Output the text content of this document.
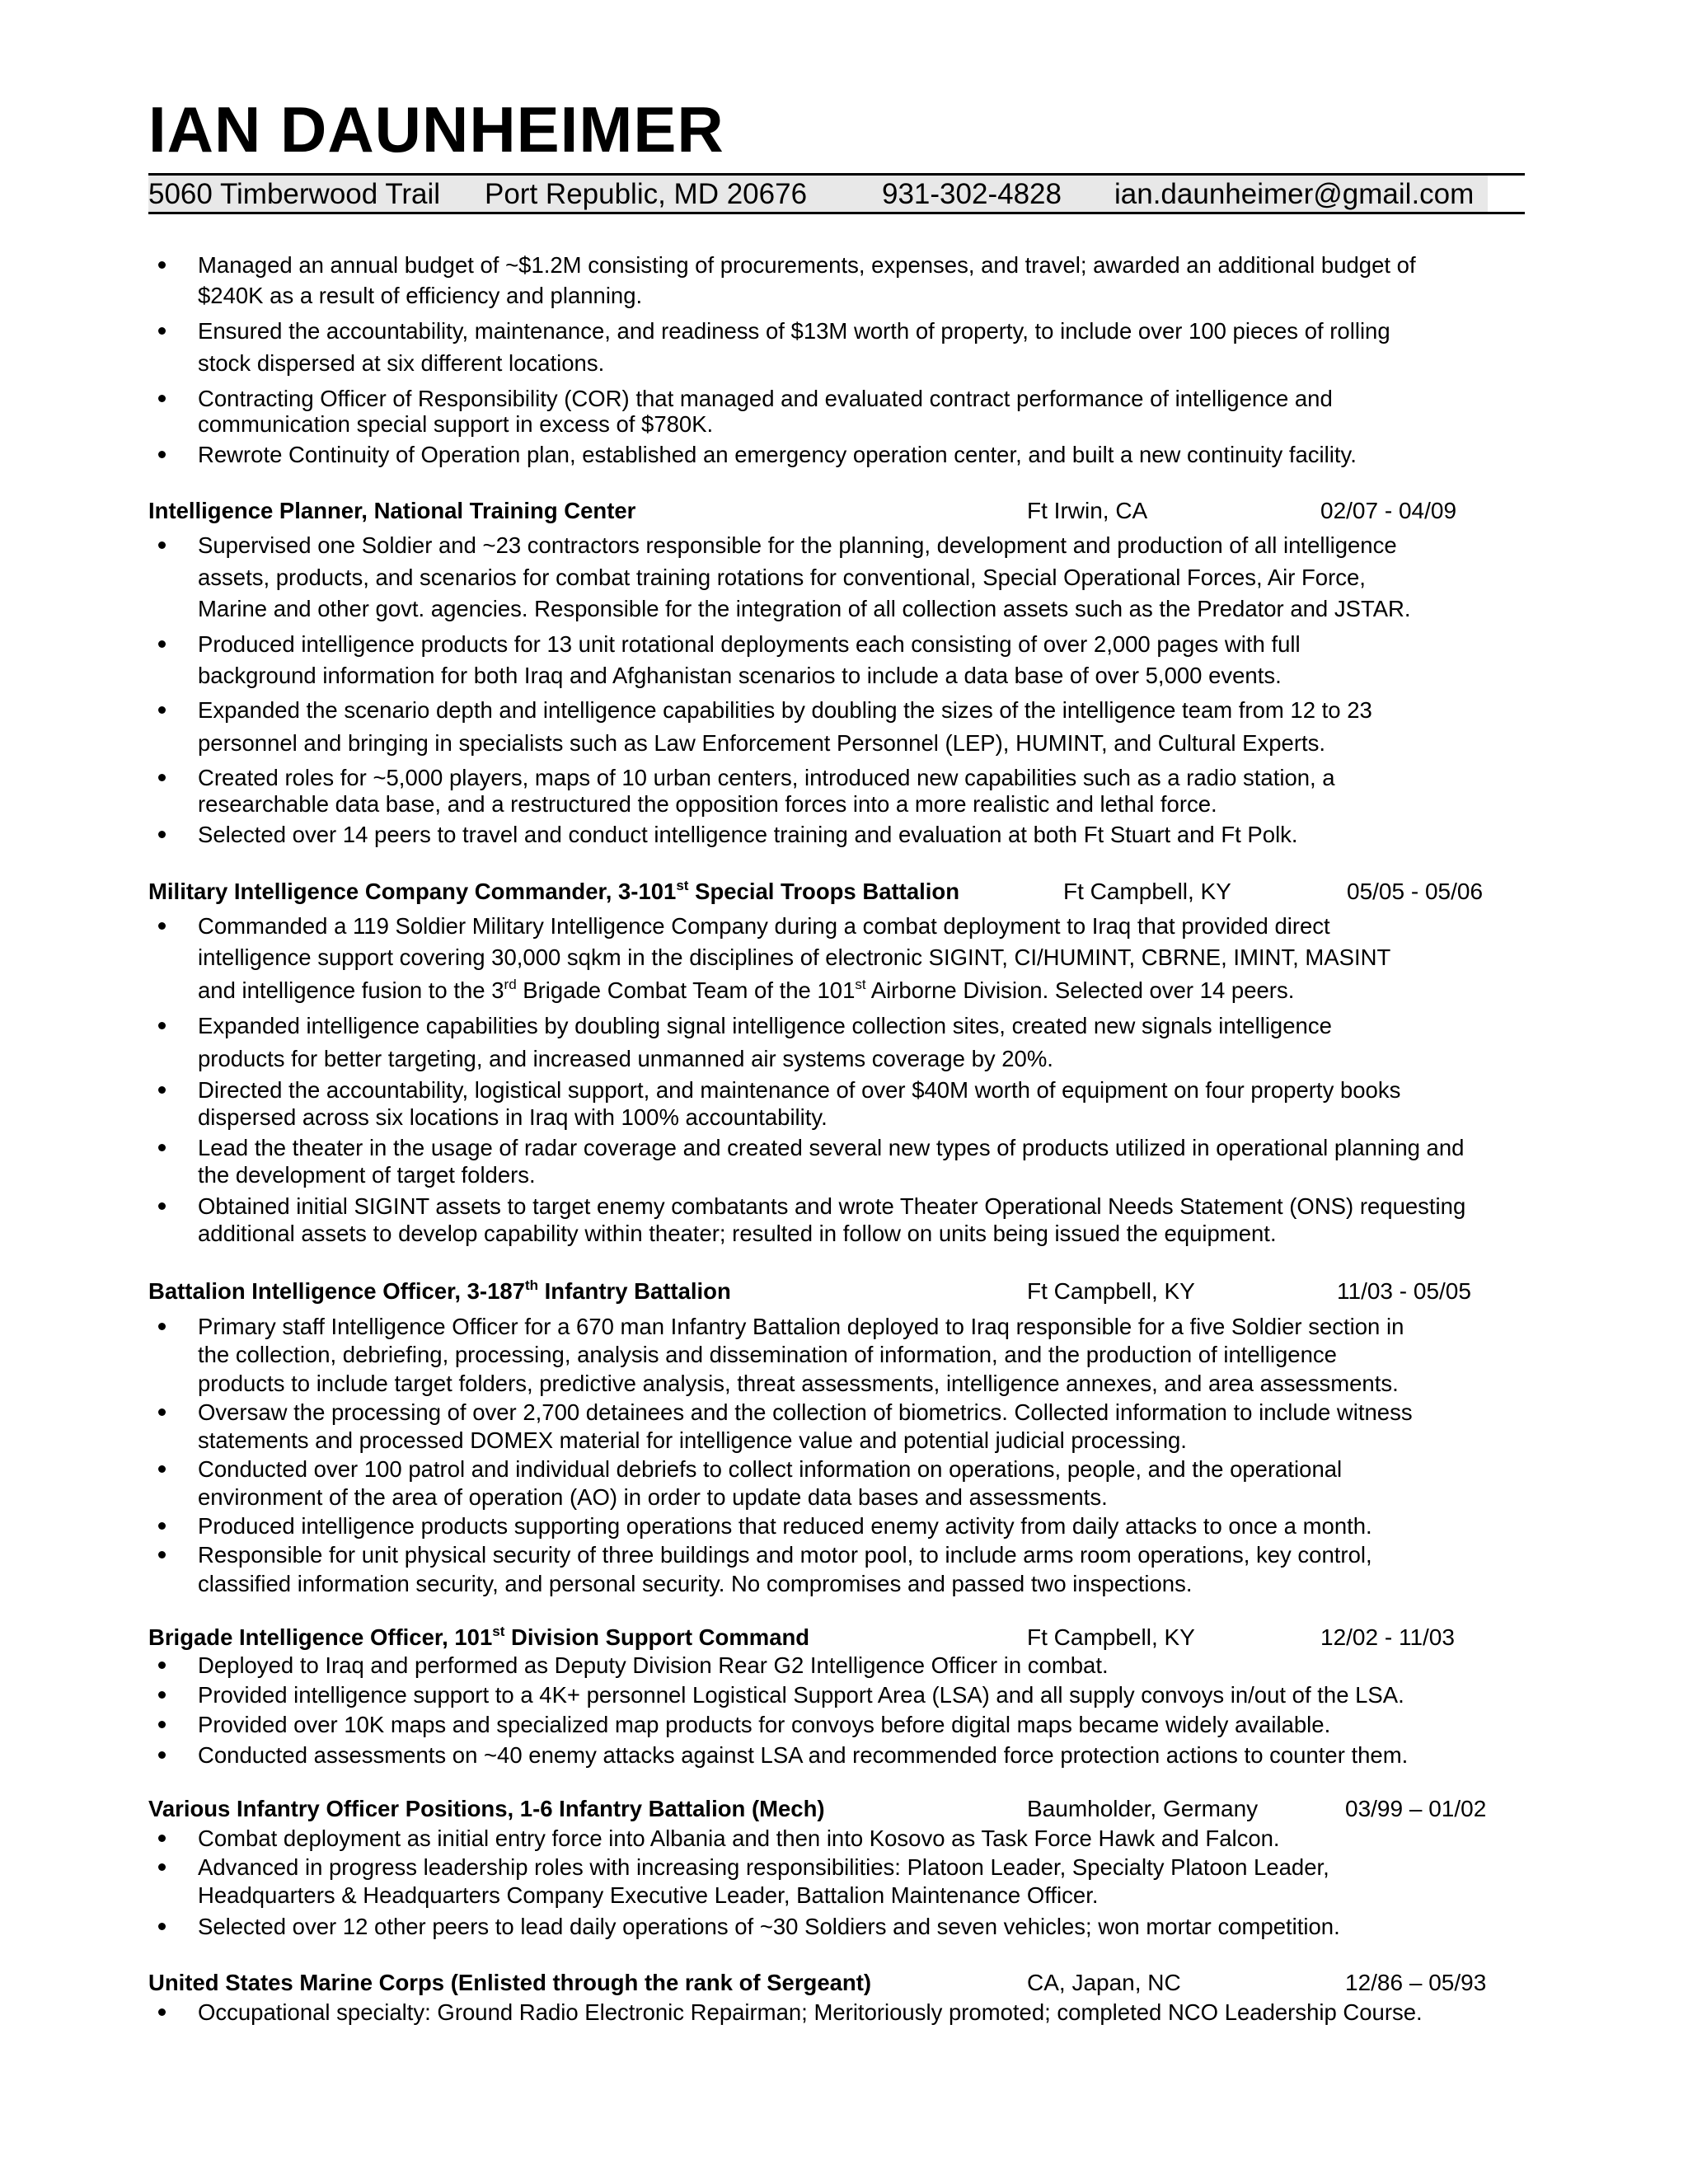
IAN DAUNHEIMER
5060 Timberwood Trail Port Republic, MD 20676	931-302-4828 ian.daunheimer@gmail.com
Managed an annual budget of ~$1.2M consisting of procurements, expenses, and travel; awarded an additional budget of
$240K as a result of efficiency and planning.
Ensured the accountability, maintenance, and readiness of $13M worth of property, to include over 100 pieces of rolling
stock dispersed at six different locations.
Contracting Officer of Responsibility (COR) that managed and evaluated contract performance of intelligence and
communication special support in excess of $780K.
Rewrote Continuity of Operation plan, established an emergency operation center, and built a new continuity facility.
Intelligence Planner, National Training Center	Ft Irwin, CA	02/07 - 04/09
Supervised one Soldier and ~23 contractors responsible for the planning, development and production of all intelligence
assets, products, and scenarios for combat training rotations for conventional, Special Operational Forces, Air Force,
Marine and other govt. agencies. Responsible for the integration of all collection assets such as the Predator and JSTAR.
Produced intelligence products for 13 unit rotational deployments each consisting of over 2,000 pages with full
background information for both Iraq and Afghanistan scenarios to include a data base of over 5,000 events.
Expanded the scenario depth and intelligence capabilities by doubling the sizes of the intelligence team from 12 to 23
personnel and bringing in specialists such as Law Enforcement Personnel (LEP), HUMINT, and Cultural Experts.
Created roles for ~5,000 players, maps of 10 urban centers, introduced new capabilities such as a radio station, a
researchable data base, and a restructured the opposition forces into a more realistic and lethal force.
Selected over 14 peers to travel and conduct intelligence training and evaluation at both Ft Stuart and Ft Polk.
Military Intelligence Company Commander, 3-101st Special Troops Battalion	Ft Campbell, KY	05/05 - 05/06
Commanded a 119 Soldier Military Intelligence Company during a combat deployment to Iraq that provided direct
intelligence support covering 30,000 sqkm in the disciplines of electronic SIGINT, CI/HUMINT, CBRNE, IMINT, MASINT
and intelligence fusion to the 3rd Brigade Combat Team of the 101st Airborne Division. Selected over 14 peers.
Expanded intelligence capabilities by doubling signal intelligence collection sites, created new signals intelligence
products for better targeting, and increased unmanned air systems coverage by 20%.
Directed the accountability, logistical support, and maintenance of over $40M worth of equipment on four property books
dispersed across six locations in Iraq with 100% accountability.
Lead the theater in the usage of radar coverage and created several new types of products utilized in operational planning and
the development of target folders.
Obtained initial SIGINT assets to target enemy combatants and wrote Theater Operational Needs Statement (ONS) requesting
additional assets to develop capability within theater; resulted in follow on units being issued the equipment.
Battalion Intelligence Officer, 3-187th Infantry Battalion	Ft Campbell, KY	11/03 - 05/05
Primary staff Intelligence Officer for a 670 man Infantry Battalion deployed to Iraq responsible for a five Soldier section in
the collection, debriefing, processing, analysis and dissemination of information, and the production of intelligence
products to include target folders, predictive analysis, threat assessments, intelligence annexes, and area assessments.
Oversaw the processing of over 2,700 detainees and the collection of biometrics. Collected information to include witness
statements and processed DOMEX material for intelligence value and potential judicial processing.
Conducted over 100 patrol and individual debriefs to collect information on operations, people, and the operational
environment of the area of operation (AO) in order to update data bases and assessments.
Produced intelligence products supporting operations that reduced enemy activity from daily attacks to once a month.
Responsible for unit physical security of three buildings and motor pool, to include arms room operations, key control,
classified information security, and personal security. No compromises and passed two inspections.
Brigade Intelligence Officer, 101st Division Support Command	Ft Campbell, KY	12/02 - 11/03
Deployed to Iraq and performed as Deputy Division Rear G2 Intelligence Officer in combat.
Provided intelligence support to a 4K+ personnel Logistical Support Area (LSA) and all supply convoys in/out of the LSA.
Provided over 10K maps and specialized map products for convoys before digital maps became widely available.
Conducted assessments on ~40 enemy attacks against LSA and recommended force protection actions to counter them.
Various Infantry Officer Positions, 1-6 Infantry Battalion (Mech)	Baumholder, Germany	03/99 – 01/02
Combat deployment as initial entry force into Albania and then into Kosovo as Task Force Hawk and Falcon.
Advanced in progress leadership roles with increasing responsibilities: Platoon Leader, Specialty Platoon Leader,
Headquarters & Headquarters Company Executive Leader, Battalion Maintenance Officer.
Selected over 12 other peers to lead daily operations of ~30 Soldiers and seven vehicles; won mortar competition.
United States Marine Corps (Enlisted through the rank of Sergeant)	CA, Japan, NC	12/86 – 05/93
Occupational specialty: Ground Radio Electronic Repairman; Meritoriously promoted; completed NCO Leadership Course.
